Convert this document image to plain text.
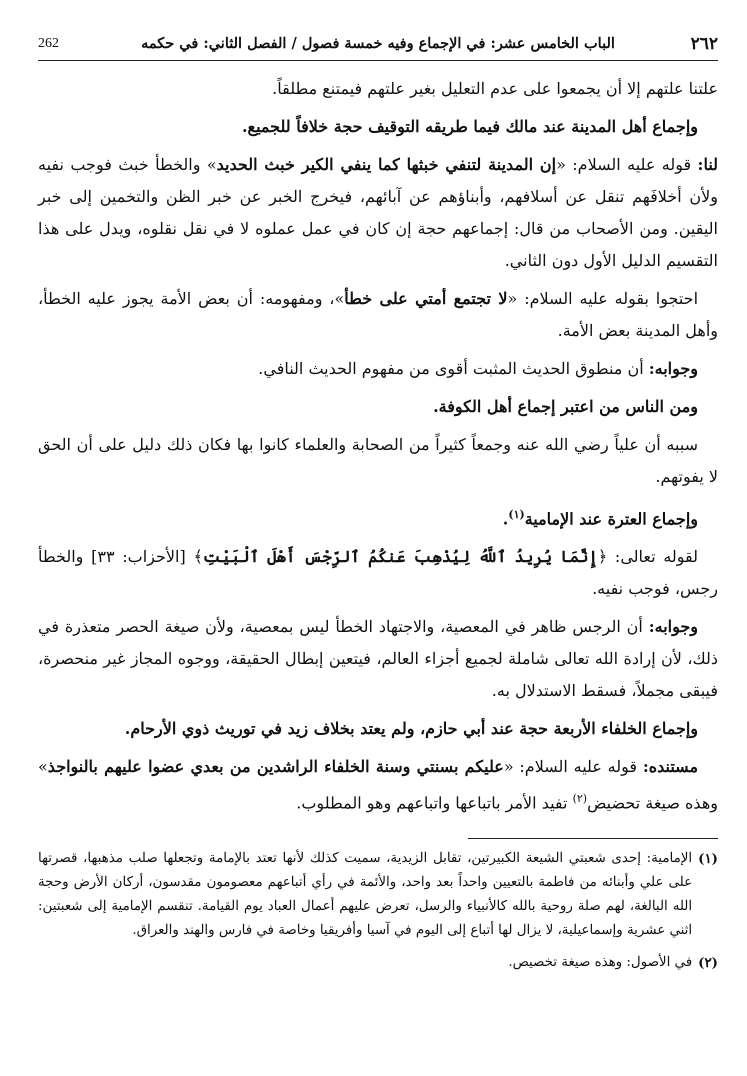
٢٦٢
الباب الخامس عشر: في الإجماع وفيه خمسة فصول / الفصل الثاني: في حكمه
262

علتنا علتهم إلا أن يجمعوا على عدم التعليل بغير علتهم فيمتنع مطلقاً.

وإجماع أهل المدينة عند مالك فيما طريقه التوقيف حجة خلافاً للجميع.

لنا: قوله عليه السلام: «إن المدينة لتنفي خبثها كما ينفي الكير خبث الحديد» والخطأ خبث فوجب نفيه ولأن أخلافَهم تنقل عن أسلافهم، وأبناؤهم عن آبائهم، فيخرج الخبر عن خبر الظن والتخمين إلى خبر اليقين. ومن الأصحاب من قال: إجماعهم حجة إن كان في عمل عملوه لا في نقل نقلوه، ويدل على هذا التقسيم الدليل الأول دون الثاني.

احتجوا بقوله عليه السلام: «لا تجتمع أمتي على خطأ»، ومفهومه: أن بعض الأمة يجوز عليه الخطأ، وأهل المدينة بعض الأمة.

وجوابه: أن منطوق الحديث المثبت أقوى من مفهوم الحديث النافي.

ومن الناس من اعتبر إجماع أهل الكوفة.

سببه أن علياً رضي الله عنه وجمعاً كثيراً من الصحابة والعلماء كانوا بها فكان ذلك دليل على أن الحق لا يفوتهم.

وإجماع العترة عند الإمامية$^{(١)}$.

لقوله تعالى: ﴿إِنَّمَا يُرِيدُ ٱللَّهُ لِيُذْهِبَ عَنكُمُ ٱلرِّجْسَ أَهْلَ ٱلْبَيْتِ﴾ [الأحزاب: ٣٣] والخطأ رجس، فوجب نفيه.

وجوابه: أن الرجس ظاهر في المعصية، والاجتهاد الخطأ ليس بمعصية، ولأن صيغة الحصر متعذرة في ذلك، لأن إرادة الله تعالى شاملة لجميع أجزاء العالم، فيتعين إبطال الحقيقة، ووجوه المجاز غير منحصرة، فيبقى مجملاً، فسقط الاستدلال به.

وإجماع الخلفاء الأربعة حجة عند أبي حازم، ولم يعتد بخلاف زيد في توريث ذوي الأرحام.

مستنده: قوله عليه السلام: «عليكم بسنتي وسنة الخلفاء الراشدين من بعدي عضوا عليهم بالنواجذ» وهذه صيغة تحضيض$^{(٢)}$ تفيد الأمر باتباعها واتباعهم وهو المطلوب.

(١)
الإمامية: إحدى شعبتي الشيعة الكبيرتين، تقابل الزيدية، سميت كذلك لأنها تعتد بالإمامة وتجعلها صلب مذهبها، قصرتها على علي وأبنائه من فاطمة بالتعيين واحداً بعد واحد، والأئمة في رأي أتباعهم معصومون مقدسون، أركان الأرض وحجة الله البالغة، لهم صلة روحية بالله كالأنبياء والرسل، تعرض عليهم أعمال العباد يوم القيامة. تنقسم الإمامية إلى شعبتين: اثني عشرية وإسماعيلية، لا يزال لها أتباع إلى اليوم في آسيا وأفريقيا وخاصة في فارس والهند والعراق.
(٢)
في الأصول: وهذه صيغة تخصيص.
